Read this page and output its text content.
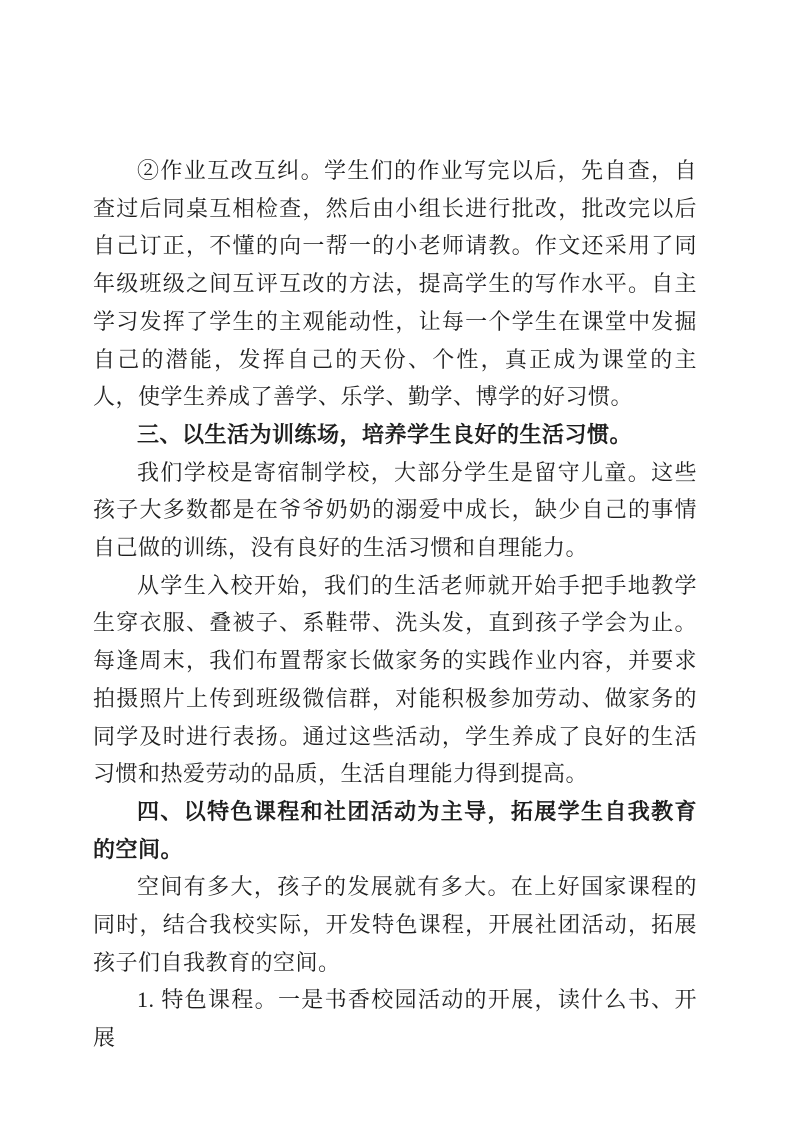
②作业互改互纠。学生们的作业写完以后，先自查，自查过后同桌互相检查，然后由小组长进行批改，批改完以后自己订正，不懂的向一帮一的小老师请教。作文还采用了同年级班级之间互评互改的方法，提高学生的写作水平。自主学习发挥了学生的主观能动性，让每一个学生在课堂中发掘自己的潜能，发挥自己的天份、个性，真正成为课堂的主人，使学生养成了善学、乐学、勤学、博学的好习惯。

三、以生活为训练场，培养学生良好的生活习惯。

我们学校是寄宿制学校，大部分学生是留守儿童。这些孩子大多数都是在爷爷奶奶的溺爱中成长，缺少自己的事情自己做的训练，没有良好的生活习惯和自理能力。

从学生入校开始，我们的生活老师就开始手把手地教学生穿衣服、叠被子、系鞋带、洗头发，直到孩子学会为止。每逢周末，我们布置帮家长做家务的实践作业内容，并要求拍摄照片上传到班级微信群，对能积极参加劳动、做家务的同学及时进行表扬。通过这些活动，学生养成了良好的生活习惯和热爱劳动的品质，生活自理能力得到提高。

四、以特色课程和社团活动为主导，拓展学生自我教育的空间。

空间有多大，孩子的发展就有多大。在上好国家课程的同时，结合我校实际，开发特色课程，开展社团活动，拓展孩子们自我教育的空间。

1. 特色课程。一是书香校园活动的开展，读什么书、开展
